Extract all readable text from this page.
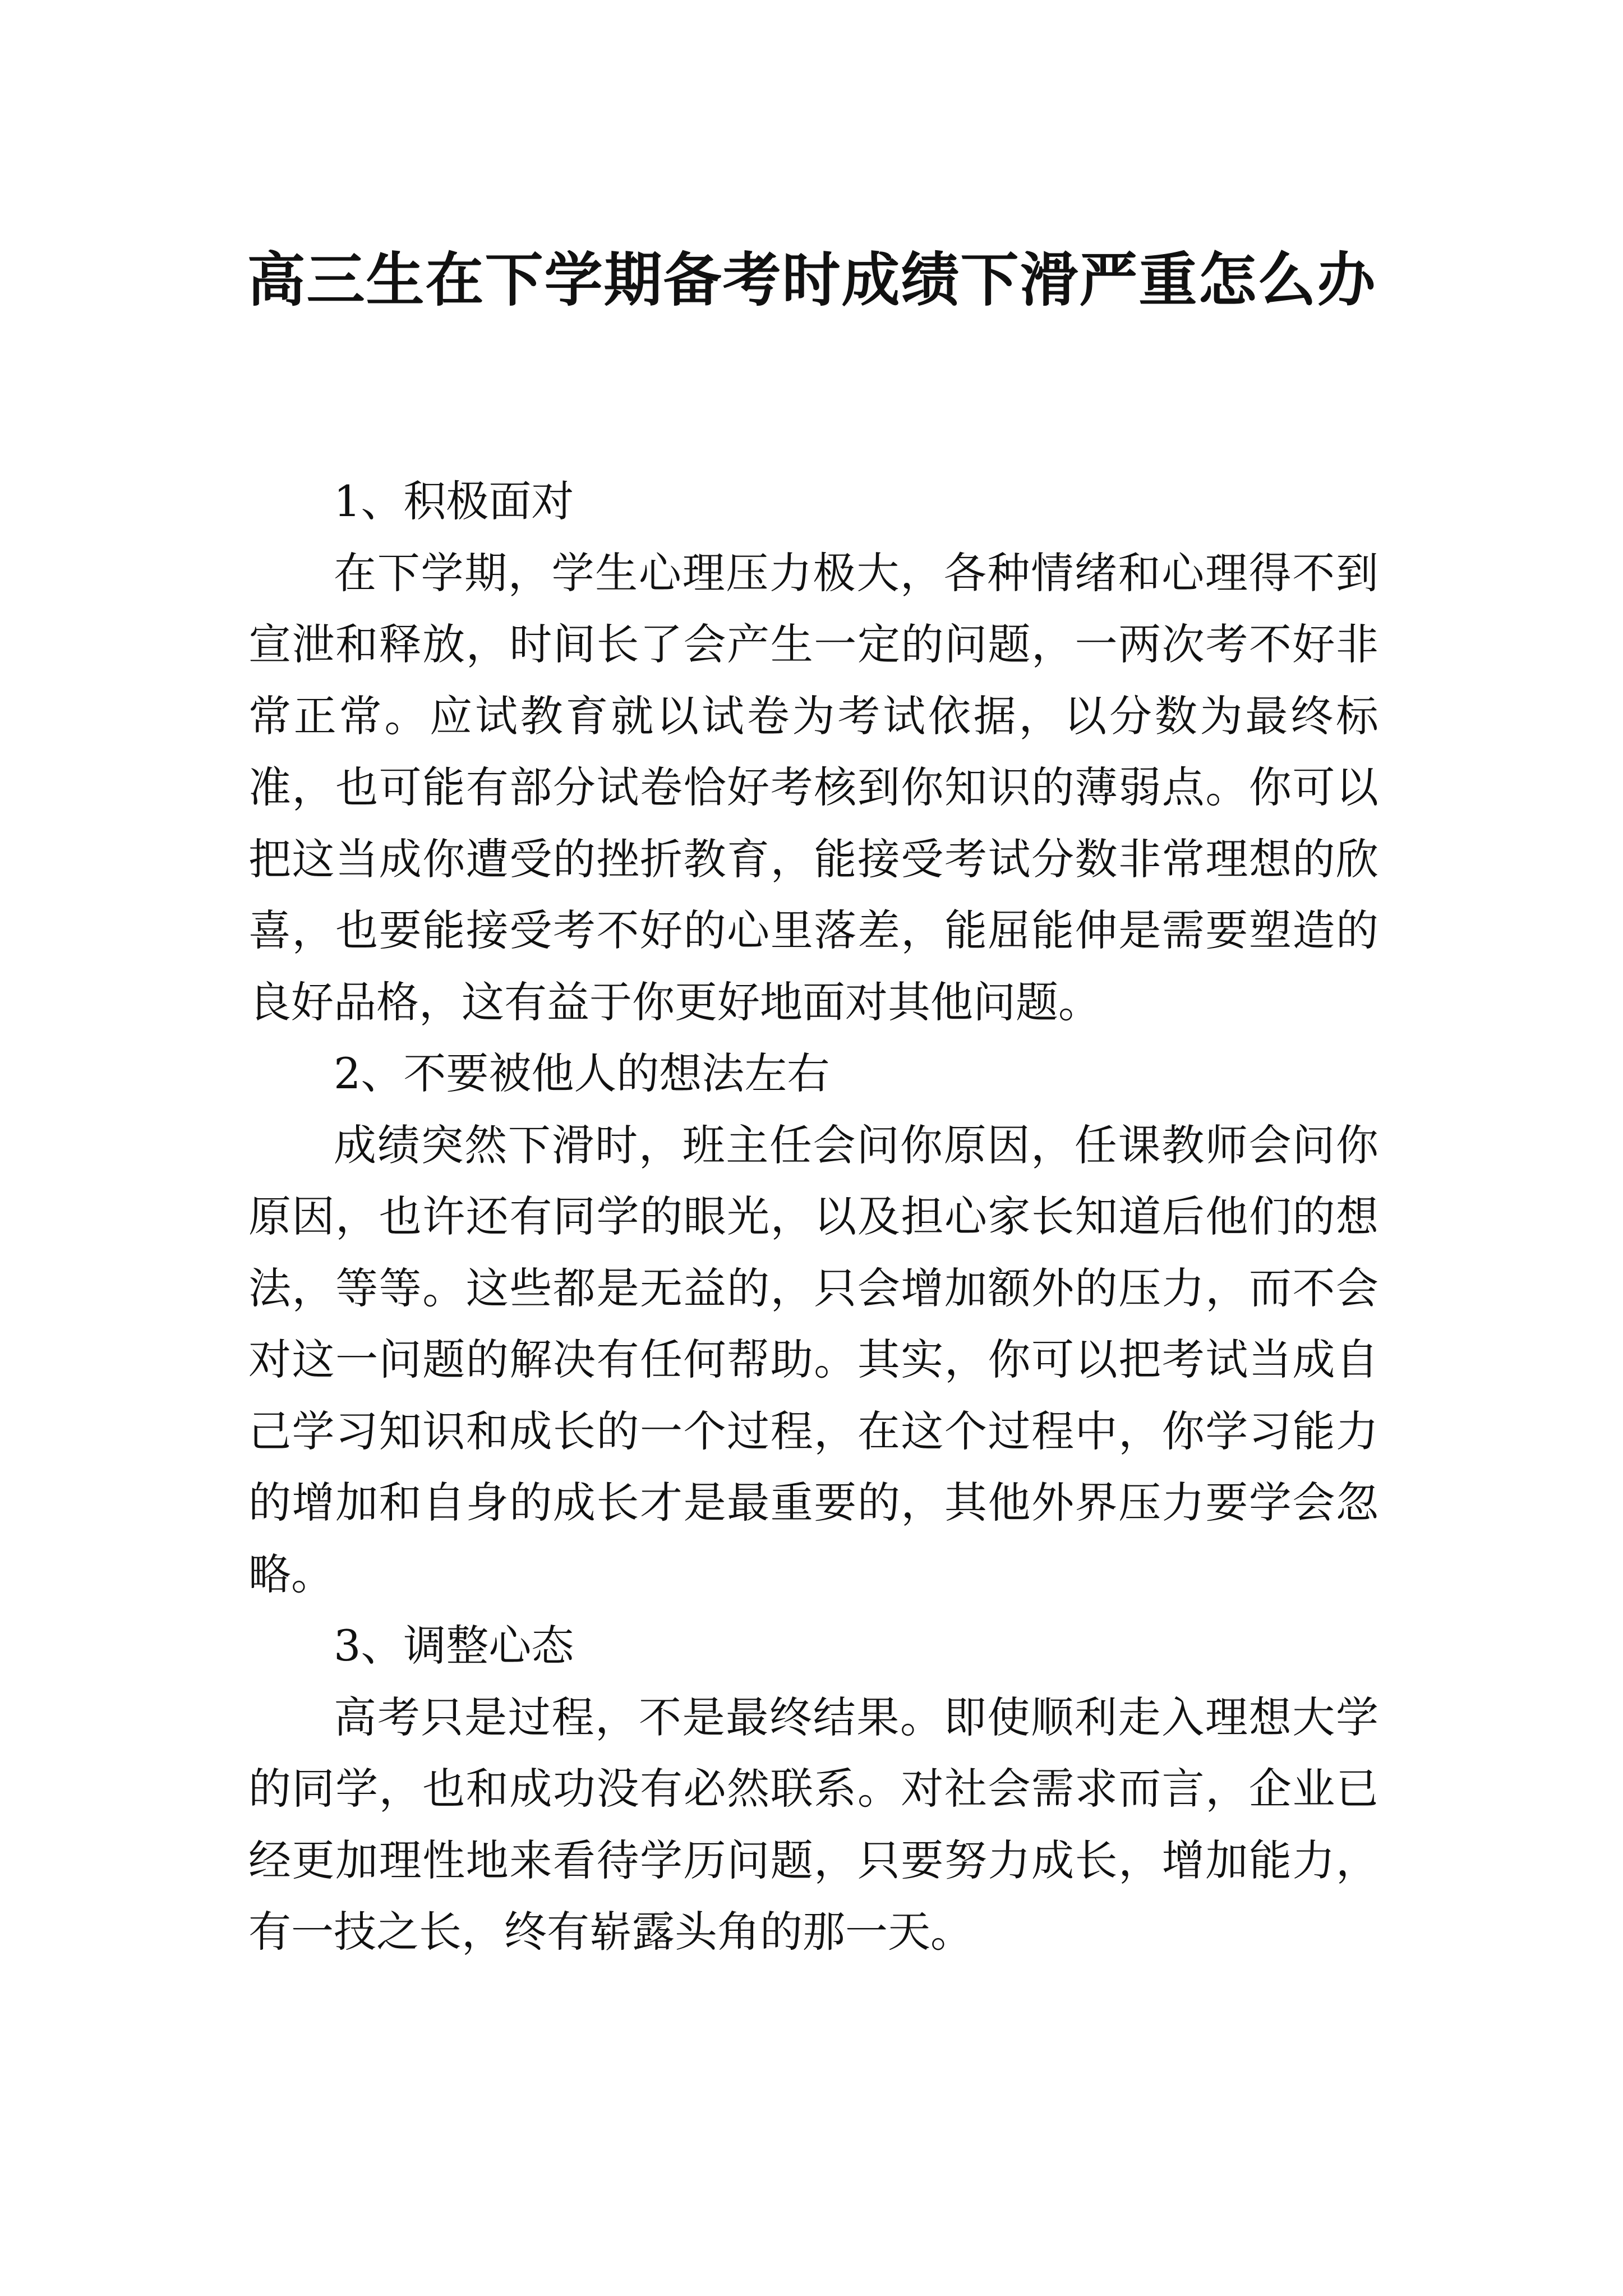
高三生在下学期备考时成绩下滑严重怎么办

1、积极面对

在下学期，学生心理压力极大，各种情绪和心理得不到宣泄和释放，时间长了会产生一定的问题，一两次考不好非常正常。应试教育就以试卷为考试依据，以分数为最终标准，也可能有部分试卷恰好考核到你知识的薄弱点。你可以把这当成你遭受的挫折教育，能接受考试分数非常理想的欣喜，也要能接受考不好的心里落差，能屈能伸是需要塑造的良好品格，这有益于你更好地面对其他问题。

2、不要被他人的想法左右

成绩突然下滑时，班主任会问你原因，任课教师会问你原因，也许还有同学的眼光，以及担心家长知道后他们的想法，等等。这些都是无益的，只会增加额外的压力，而不会对这一问题的解决有任何帮助。其实，你可以把考试当成自己学习知识和成长的一个过程，在这个过程中，你学习能力的增加和自身的成长才是最重要的，其他外界压力要学会忽略。

3、调整心态

高考只是过程，不是最终结果。即使顺利走入理想大学的同学，也和成功没有必然联系。对社会需求而言，企业已经更加理性地来看待学历问题，只要努力成长，增加能力，有一技之长，终有崭露头角的那一天。
